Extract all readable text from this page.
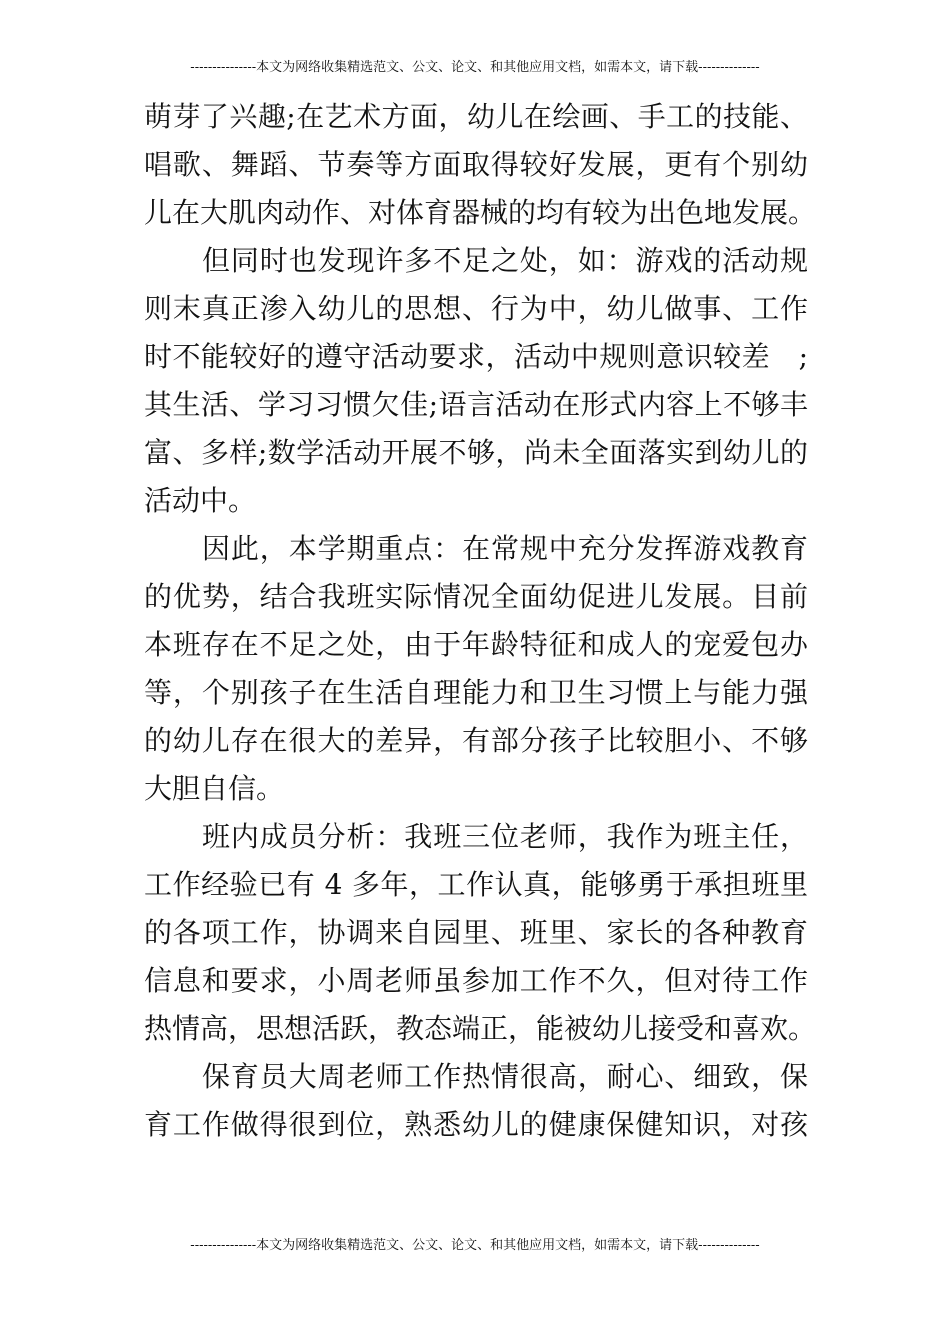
---------------本文为网络收集精选范文、公文、论文、和其他应用文档，如需本文，请下载--------------
萌芽了兴趣;在艺术方面，幼儿在绘画、手工的技能、
唱歌、舞蹈、节奏等方面取得较好发展，更有个别幼
儿在大肌肉动作、对体育器械的均有较为出色地发展。
但同时也发现许多不足之处，如：游戏的活动规
则末真正渗入幼儿的思想、行为中，幼儿做事、工作
时不能较好的遵守活动要求，活动中规则意识较差　;
其生活、学习习惯欠佳;语言活动在形式内容上不够丰
富、多样;数学活动开展不够，尚未全面落实到幼儿的
活动中。
因此，本学期重点：在常规中充分发挥游戏教育
的优势，结合我班实际情况全面幼促进儿发展。目前
本班存在不足之处，由于年龄特征和成人的宠爱包办
等，个别孩子在生活自理能力和卫生习惯上与能力强
的幼儿存在很大的差异，有部分孩子比较胆小、不够
大胆自信。
班内成员分析：我班三位老师，我作为班主任，
工作经验已有 4 多年，工作认真，能够勇于承担班里
的各项工作，协调来自园里、班里、家长的各种教育
信息和要求，小周老师虽参加工作不久，但对待工作
热情高，思想活跃，教态端正，能被幼儿接受和喜欢。
保育员大周老师工作热情很高，耐心、细致，保
育工作做得很到位，熟悉幼儿的健康保健知识，对孩
---------------本文为网络收集精选范文、公文、论文、和其他应用文档，如需本文，请下载--------------
